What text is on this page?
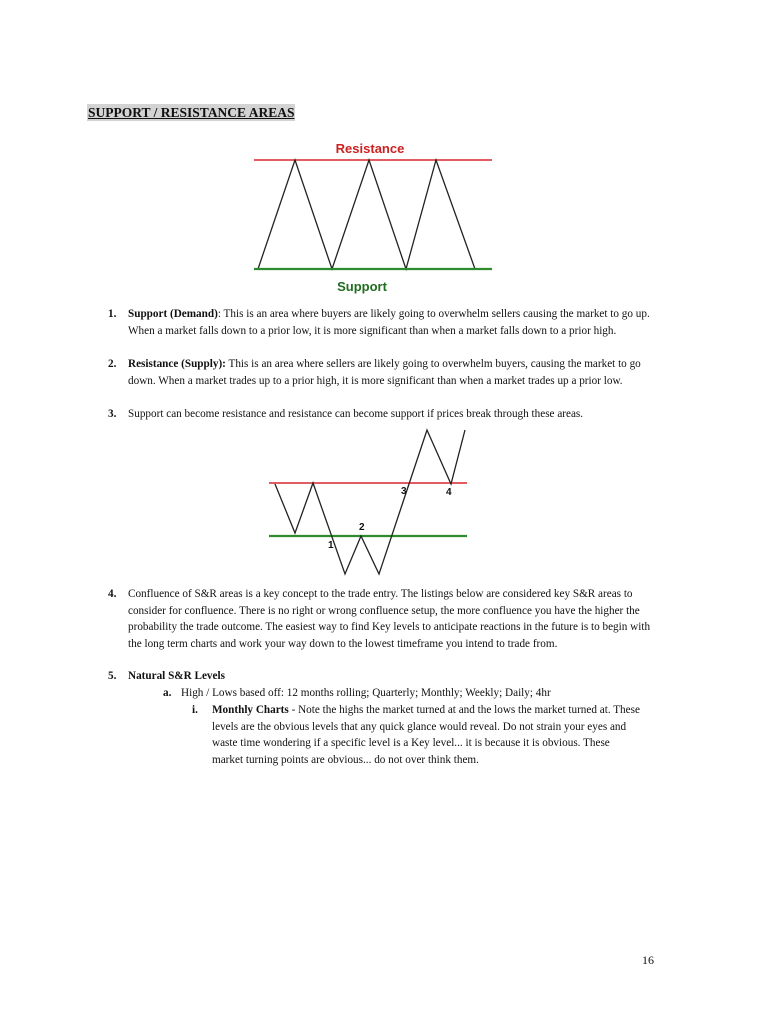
SUPPORT / RESISTANCE AREAS
Resistance
Support
1
2
3	4
1. Support (Demand): This is an area where buyers are likely going to overwhelm sellers causing the market to go up. When a market falls down to a prior low, it is more significant than when a market falls down to a prior high.
2. Resistance (Supply): This is an area where sellers are likely going to overwhelm buyers, causing the market to go down. When a market trades up to a prior high, it is more significant than when a market trades up a prior low.
3. Support can become resistance and resistance can become support if prices break through these areas.
4. Confluence of S&R areas is a key concept to the trade entry. The listings below are considered key S&R areas to consider for confluence. There is no right or wrong confluence setup, the more confluence you have the higher the probability the trade outcome. The easiest way to find Key levels to anticipate reactions in the future is to begin with the long term charts and work your way down to the lowest timeframe you intend to trade from.
5. Natural S&R Levels
a. High / Lows based off: 12 months rolling; Quarterly; Monthly; Weekly; Daily; 4hr
i. Monthly Charts - Note the highs the market turned at and the lows the market turned at. These levels are the obvious levels that any quick glance would reveal. Do not strain your eyes and waste time wondering if a specific level is a Key level... it is because it is obvious. These market turning points are obvious... do not over think them.
16
